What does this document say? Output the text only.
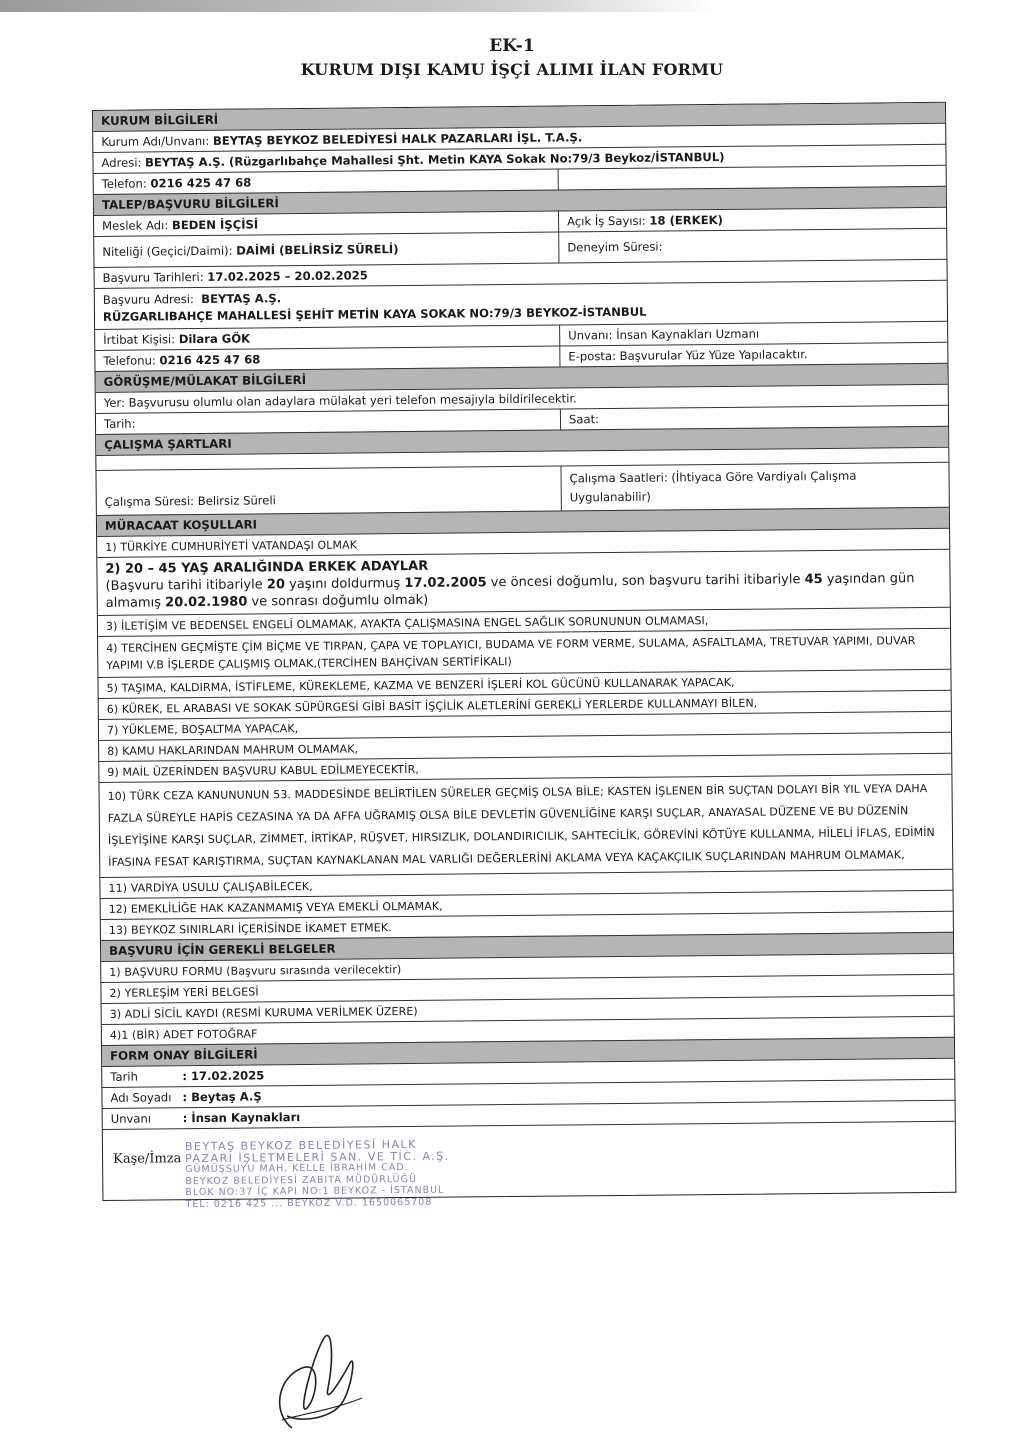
EK-1
KURUM DIŞI KAMU İŞÇİ ALIMI İLAN FORMU
KURUM BİLGİLERİ
Kurum Adı/Unvanı:
BEYTAŞ BEYKOZ BELEDİYESİ HALK PAZARLARI İŞL. T.A.Ş.
Adresi:
BEYTAŞ A.Ş. (Rüzgarlıbahçe Mahallesi Şht. Metin KAYA Sokak No:79/3 Beykoz/İSTANBUL)
Telefon:
0216 425 47 68
TALEP/BAŞVURU BİLGİLERİ
Meslek Adı:
BEDEN İŞÇİSİ	Açık İş Sayısı:
18 (ERKEK)
Niteliği (Geçici/Daimi):
DAİMİ (BELİRSİZ SÜRELİ)	Deneyim Süresi:
Başvuru Tarihleri:
17.02.2025 – 20.02.2025
Başvuru Adresi:  BEYTAŞ A.Ş.
RÜZGARLIBAHÇE MAHALLESİ ŞEHİT METİN KAYA SOKAK NO:79/3 BEYKOZ-İSTANBUL
İrtibat Kişisi:
Dilara GÖK	Unvanı:
İnsan Kaynakları Uzmanı
Telefonu:
0216 425 47 68	E-posta:
Başvurular Yüz Yüze Yapılacaktır.
GÖRÜŞME/MÜLAKAT BİLGİLERİ
Yer: Başvurusu olumlu olan adaylara mülakat yeri telefon mesajıyla bildirilecektir.
Tarih:	Saat:
ÇALIŞMA ŞARTLARI
Çalışma Süresi: Belirsiz Süreli
Çalışma Saatleri: (İhtiyaca Göre Vardiyalı Çalışma Uygulanabilir)
MÜRACAAT KOŞULLARI
1) TÜRKİYE CUMHURİYETİ VATANDAŞI OLMAK
2) 20 – 45 YAŞ ARALIĞINDA ERKEK ADAYLAR
(Başvuru tarihi itibariyle 20 yaşını doldurmuş 17.02.2005 ve öncesi doğumlu, son başvuru tarihi itibariyle 45 yaşından gün almamış 20.02.1980 ve sonrası doğumlu olmak)
3) İLETİŞİM VE BEDENSEL ENGELİ OLMAMAK, AYAKTA ÇALIŞMASINA ENGEL SAĞLIK SORUNUNUN OLMAMASI,
4) TERCİHEN GEÇMİŞTE ÇİM BİÇME VE TIRPAN, ÇAPA VE TOPLAYICI, BUDAMA VE FORM VERME, SULAMA, ASFALTLAMA, TRETUVAR YAPIMI, DUVAR YAPIMI V.B İŞLERDE ÇALIŞMIŞ OLMAK,(TERCİHEN BAHÇİVAN SERTİFİKALI)
5) TAŞIMA, KALDIRMA, İSTİFLEME, KÜREKLEME, KAZMA VE BENZERİ İŞLERİ KOL GÜCÜNÜ KULLANARAK YAPACAK,
6) KÜREK, EL ARABASI VE SOKAK SÜPÜRGESİ GİBİ BASİT İŞÇİLİK ALETLERİNİ GEREKLİ YERLERDE KULLANMAYI BİLEN,
7) YÜKLEME, BOŞALTMA YAPACAK,
8) KAMU HAKLARINDAN MAHRUM OLMAMAK,
9) MAİL ÜZERİNDEN BAŞVURU KABUL EDİLMEYECEKTİR,
10) TÜRK CEZA KANUNUNUN 53. MADDESİNDE BELİRTİLEN SÜRELER GEÇMİŞ OLSA BİLE; KASTEN İŞLENEN BİR SUÇTAN DOLAYI BİR YIL VEYA DAHA FAZLA SÜREYLE HAPİS CEZASINA YA DA AFFA UĞRAMIŞ OLSA BİLE DEVLETİN GÜVENLİĞİNE KARŞI SUÇLAR, ANAYASAL DÜZENE VE BU DÜZENİN İŞLEYİŞİNE KARŞI SUÇLAR, ZİMMET, İRTİKAP, RÜŞVET, HIRSIZLIK, DOLANDIRICILIK, SAHTECİLİK, GÖREVİNİ KÖTÜYE KULLANMA, HİLELİ İFLAS, EDİMİN İFASINA FESAT KARIŞTIRMA, SUÇTAN KAYNAKLANAN MAL VARLIĞI DEĞERLERİNİ AKLAMA VEYA KAÇAKÇILIK SUÇLARINDAN MAHRUM OLMAMAK,
11) VARDİYA USULU ÇALIŞABİLECEK,
12) EMEKLİLİĞE HAK KAZANMAMIŞ VEYA EMEKLİ OLMAMAK,
13) BEYKOZ SINIRLARI İÇERİSİNDE İKAMET ETMEK.
BAŞVURU İÇİN GEREKLİ BELGELER
1) BAŞVURU FORMU (Başvuru sırasında verilecektir)
2) YERLEŞİM YERİ BELGESİ
3) ADLİ SİCİL KAYDI (RESMİ KURUMA VERİLMEK ÜZERE)
4)1 (BİR) ADET FOTOĞRAF
FORM ONAY BİLGİLERİ
Tarih	: 17.02.2025
Adı Soyadı : Beytaş A.Ş
Unvanı	: İnsan Kaynakları
Kaşe/İmza
BEYTAŞ BEYKOZ BELEDİYESİ HALK
PAZARI İŞLETMELERİ SAN. VE TİC. A.Ş.
GÜMÜŞSUYU MAH. KELLE İBRAHİM CAD.
BEYKOZ BELEDİYESİ ZABITA MÜDÜRLÜĞÜ
BLOK NO:37 İÇ KAPI NO:1 BEYKOZ - İSTANBUL
TEL: 0216 425 ... BEYKOZ V.D. 1650065708
